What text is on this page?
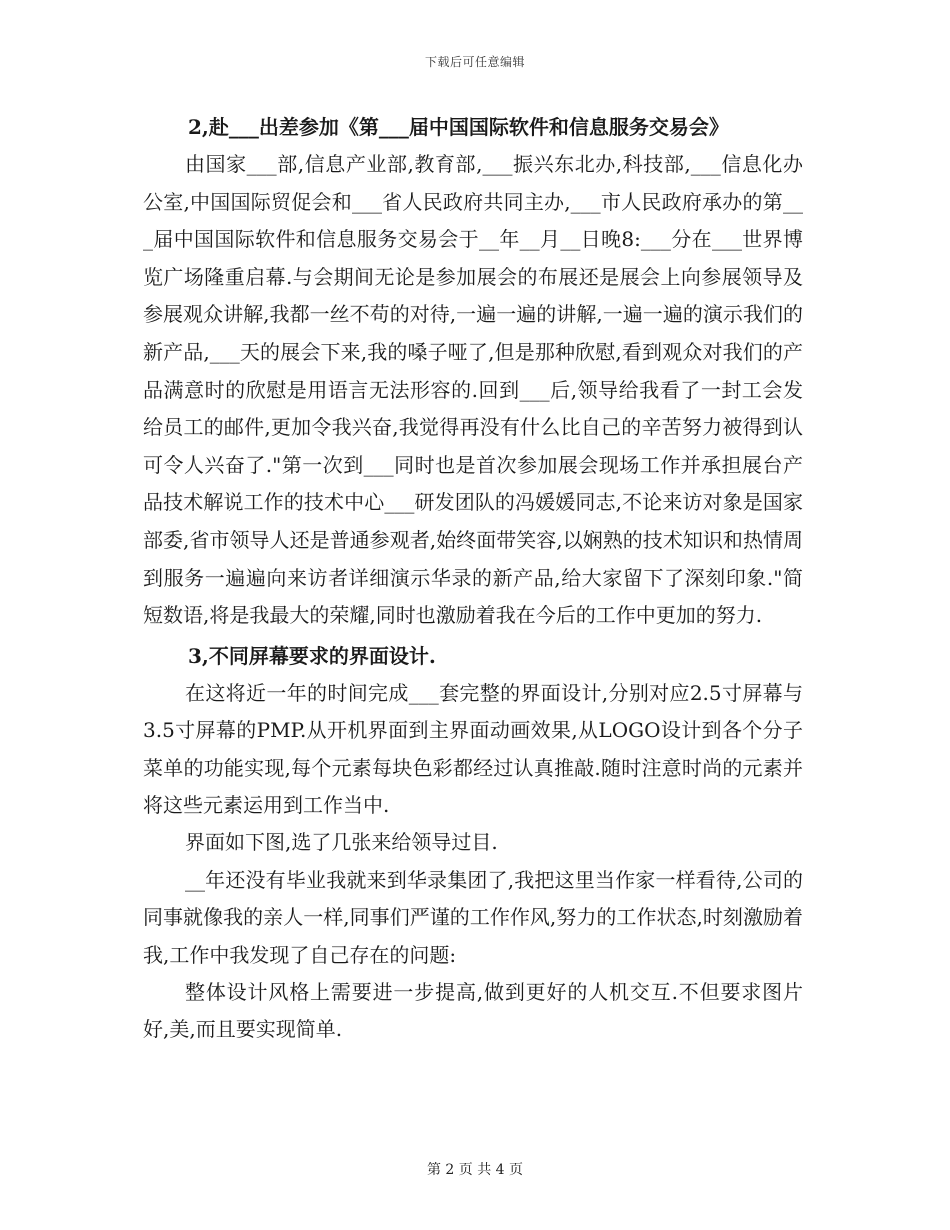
下载后可任意编辑

2,赴___出差参加《第___届中国国际软件和信息服务交易会》

由国家___部,信息产业部,教育部,___振兴东北办,科技部,___信息化办公室,中国国际贸促会和___省人民政府共同主办,___市人民政府承办的第___届中国国际软件和信息服务交易会于__年__月__日晚8:___分在___世界博览广场隆重启幕.与会期间无论是参加展会的布展还是展会上向参展领导及参展观众讲解,我都一丝不苟的对待,一遍一遍的讲解,一遍一遍的演示我们的新产品,___天的展会下来,我的嗓子哑了,但是那种欣慰,看到观众对我们的产品满意时的欣慰是用语言无法形容的.回到___后,领导给我看了一封工会发给员工的邮件,更加令我兴奋,我觉得再没有什么比自己的辛苦努力被得到认可令人兴奋了."第一次到___同时也是首次参加展会现场工作并承担展台产品技术解说工作的技术中心___研发团队的冯媛媛同志,不论来访对象是国家部委,省市领导人还是普通参观者,始终面带笑容,以娴熟的技术知识和热情周到服务一遍遍向来访者详细演示华录的新产品,给大家留下了深刻印象."简短数语,将是我最大的荣耀,同时也激励着我在今后的工作中更加的努力.

3,不同屏幕要求的界面设计.

在这将近一年的时间完成___套完整的界面设计,分别对应2.5寸屏幕与3.5寸屏幕的PMP.从开机界面到主界面动画效果,从LOGO设计到各个分子菜单的功能实现,每个元素每块色彩都经过认真推敲.随时注意时尚的元素并将这些元素运用到工作当中.

界面如下图,选了几张来给领导过目.

__年还没有毕业我就来到华录集团了,我把这里当作家一样看待,公司的同事就像我的亲人一样,同事们严谨的工作作风,努力的工作状态,时刻激励着我,工作中我发现了自己存在的问题:

整体设计风格上需要进一步提高,做到更好的人机交互.不但要求图片好,美,而且要实现简单.

第 2 页 共 4 页
